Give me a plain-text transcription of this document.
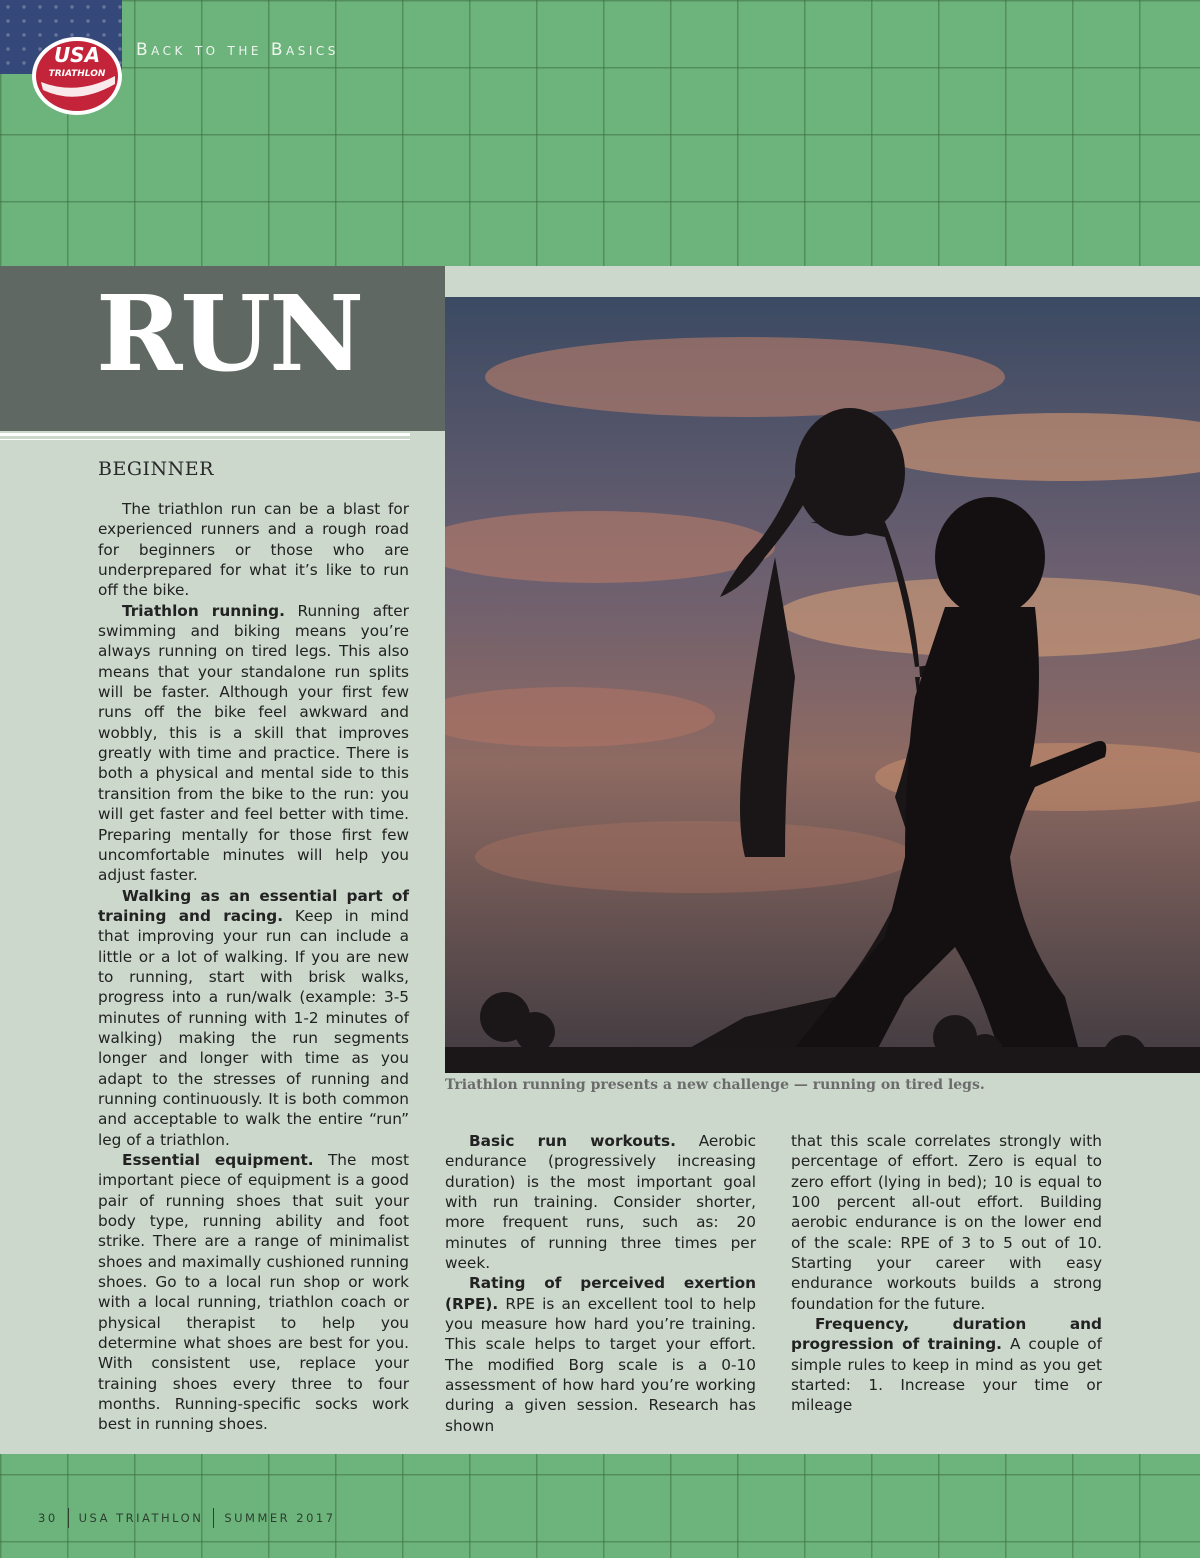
USA
TRIATHLON
Back to the Basics
RUN
Triathlon running presents a new challenge — running on tired legs.
BEGINNER

The triathlon run can be a blast for experienced runners and a rough road for beginners or those who are underprepared for what it’s like to run off the bike.

Triathlon running. Running after swimming and biking means you’re always running on tired legs. This also means that your standalone run splits will be faster. Although your first few runs off the bike feel awkward and wobbly, this is a skill that improves greatly with time and practice. There is both a physical and mental side to this transition from the bike to the run: you will get faster and feel better with time. Preparing mentally for those first few uncomfortable minutes will help you adjust faster.

Walking as an essential part of training and racing. Keep in mind that improving your run can include a little or a lot of walking. If you are new to running, start with brisk walks, progress into a run/walk (example: 3-5 minutes of running with 1-2 minutes of walking) making the run segments longer and longer with time as you adapt to the stresses of running and running continuously. It is both common and acceptable to walk the entire “run” leg of a triathlon.

Essential equipment. The most important piece of equipment is a good pair of running shoes that suit your body type, running ability and foot strike. There are a range of minimalist shoes and maximally cushioned running shoes. Go to a local run shop or work with a local running, triathlon coach or physical therapist to help you determine what shoes are best for you. With consistent use, replace your training shoes every three to four months. Running-specific socks work best in running shoes.

Basic run workouts. Aerobic endurance (progressively increasing duration) is the most important goal with run training. Consider shorter, more frequent runs, such as: 20 minutes of running three times per week.

Rating of perceived exertion (RPE). RPE is an excellent tool to help you measure how hard you’re training. This scale helps to target your effort. The modified Borg scale is a 0-10 assessment of how hard you’re working during a given session. Research has shown

that this scale correlates strongly with percentage of effort. Zero is equal to zero effort (lying in bed); 10 is equal to 100 percent all-out effort. Building aerobic endurance is on the lower end of the scale: RPE of 3 to 5 out of 10. Starting your career with easy endurance workouts builds a strong foundation for the future.

Frequency, duration and progression of training. A couple of simple rules to keep in mind as you get started: 1. Increase your time or mileage

30 USA TRIATHLON SUMMER 2017
